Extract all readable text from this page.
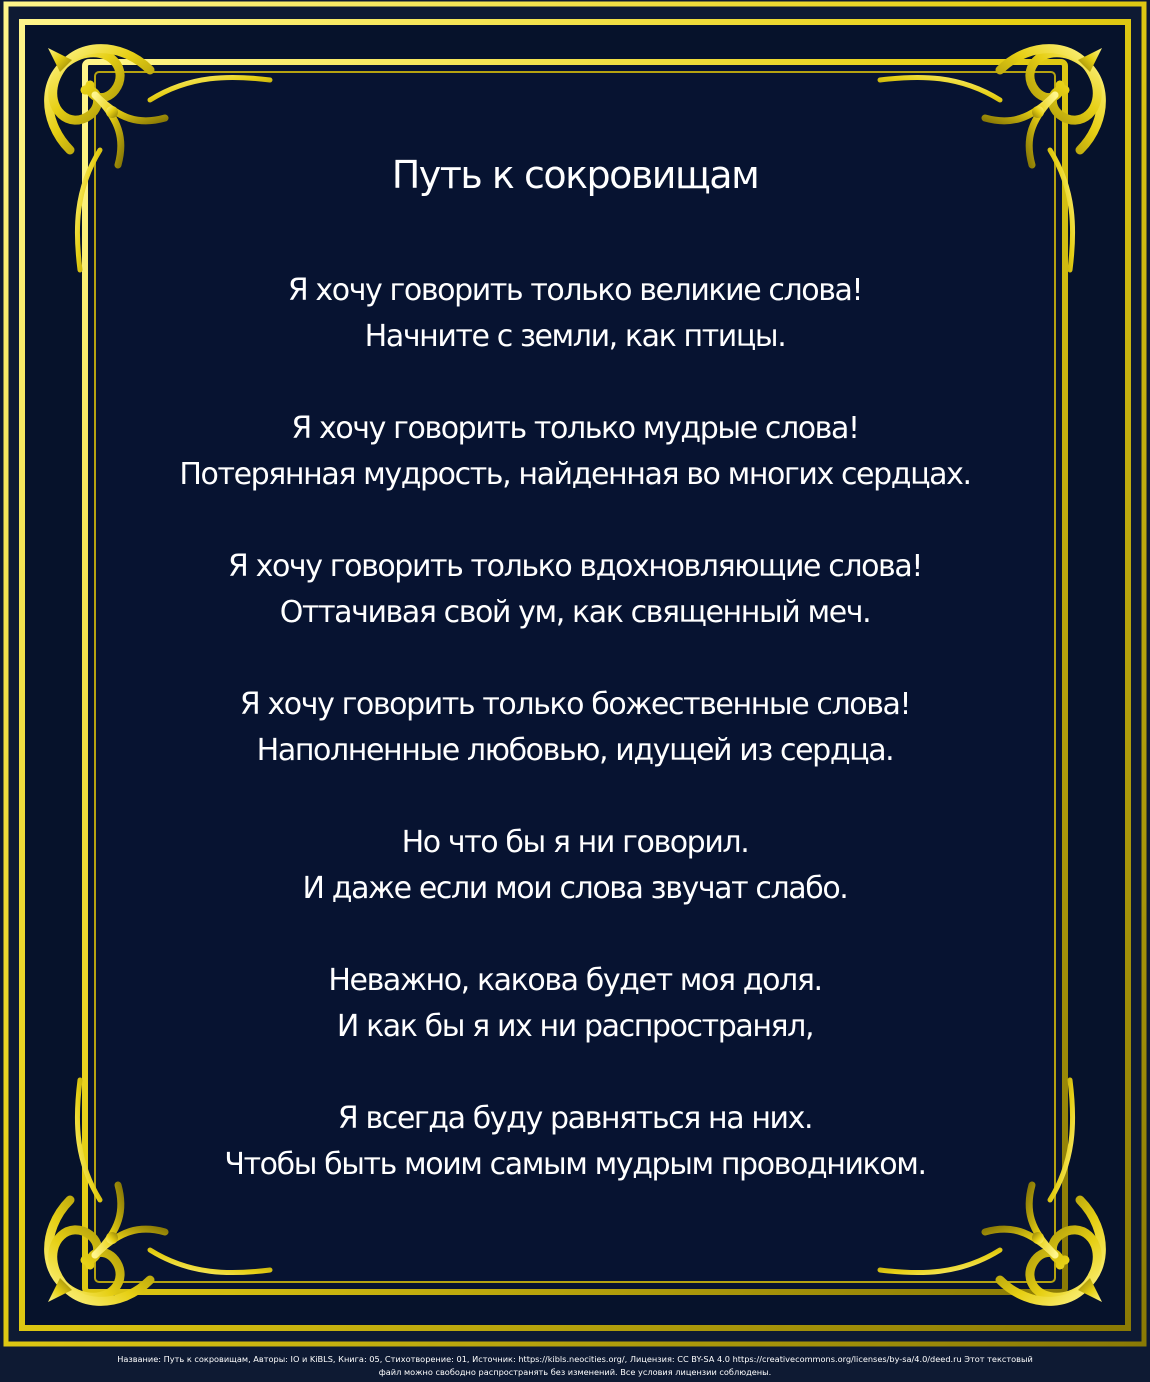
Путь к сокровищам
Я хочу говорить только великие слова!
Начните с земли, как птицы.
Я хочу говорить только мудрые слова!
Потерянная мудрость, найденная во многих сердцах.
Я хочу говорить только вдохновляющие слова!
Оттачивая свой ум, как священный меч.
Я хочу говорить только божественные слова!
Наполненные любовью, идущей из сердца.
Но что бы я ни говорил.
И даже если мои слова звучат слабо.
Неважно, какова будет моя доля.
И как бы я их ни распространял,
Я всегда буду равняться на них.
Чтобы быть моим самым мудрым проводником.
Название: Путь к сокровищам, Авторы: IO и KiBLS, Книга: 05, Стихотворение: 01, Источник: https://kibls.neocities.org/, Лицензия: CC BY-SA 4.0 https://creativecommons.org/licenses/by-sa/4.0/deed.ru Этот текстовый
файл можно свободно распространять без изменений. Все условия лицензии соблюдены.
